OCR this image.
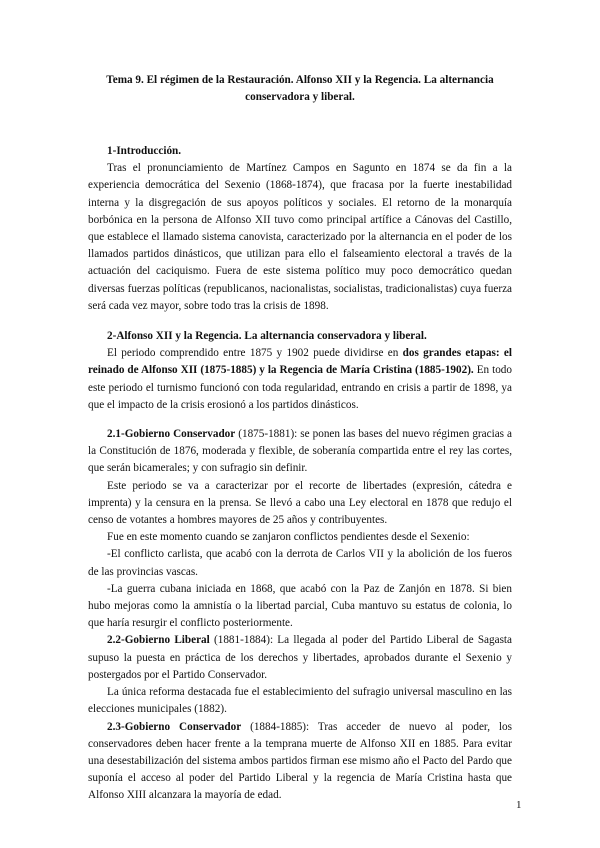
Tema 9. El régimen de la Restauración. Alfonso XII y la Regencia. La alternancia conservadora y liberal.

1-Introducción.

Tras el pronunciamiento de Martínez Campos en Sagunto en 1874 se da fin a la experiencia democrática del Sexenio (1868-1874), que fracasa por la fuerte inestabilidad interna y la disgregación de sus apoyos políticos y sociales. El retorno de la monarquía borbónica en la persona de Alfonso XII tuvo como principal artífice a Cánovas del Castillo, que establece el llamado sistema canovista, caracterizado por la alternancia en el poder de los llamados partidos dinásticos, que utilizan para ello el falseamiento electoral a través de la actuación del caciquismo. Fuera de este sistema político muy poco democrático quedan diversas fuerzas políticas (republicanos, nacionalistas, socialistas, tradicionalistas) cuya fuerza será cada vez mayor, sobre todo tras la crisis de 1898.

2-Alfonso XII y la Regencia. La alternancia conservadora y liberal.

El periodo comprendido entre 1875 y 1902 puede dividirse en dos grandes etapas: el reinado de Alfonso XII (1875-1885) y la Regencia de María Cristina (1885-1902). En todo este periodo el turnismo funcionó con toda regularidad, entrando en crisis a partir de 1898, ya que el impacto de la crisis erosionó a los partidos dinásticos.

2.1-Gobierno Conservador (1875-1881): se ponen las bases del nuevo régimen gracias a la Constitución de 1876, moderada y flexible, de soberanía compartida entre el rey las cortes, que serán bicamerales; y con sufragio sin definir.

Este periodo se va a caracterizar por el recorte de libertades (expresión, cátedra e imprenta) y la censura en la prensa. Se llevó a cabo una Ley electoral en 1878 que redujo el censo de votantes a hombres mayores de 25 años y contribuyentes.

Fue en este momento cuando se zanjaron conflictos pendientes desde el Sexenio:

-El conflicto carlista, que acabó con la derrota de Carlos VII y la abolición de los fueros de las provincias vascas.

-La guerra cubana iniciada en 1868, que acabó con la Paz de Zanjón en 1878. Si bien hubo mejoras como la amnistía o la libertad parcial, Cuba mantuvo su estatus de colonia, lo que haría resurgir el conflicto posteriormente.

2.2-Gobierno Liberal (1881-1884): La llegada al poder del Partido Liberal de Sagasta supuso la puesta en práctica de los derechos y libertades, aprobados durante el Sexenio y postergados por el Partido Conservador.

La única reforma destacada fue el establecimiento del sufragio universal masculino en las elecciones municipales (1882).

2.3-Gobierno Conservador (1884-1885): Tras acceder de nuevo al poder, los conservadores deben hacer frente a la temprana muerte de Alfonso XII en 1885. Para evitar una desestabilización del sistema ambos partidos firman ese mismo año el Pacto del Pardo que suponía el acceso al poder del Partido Liberal y la regencia de María Cristina hasta que Alfonso XIII alcanzara la mayoría de edad.

1
